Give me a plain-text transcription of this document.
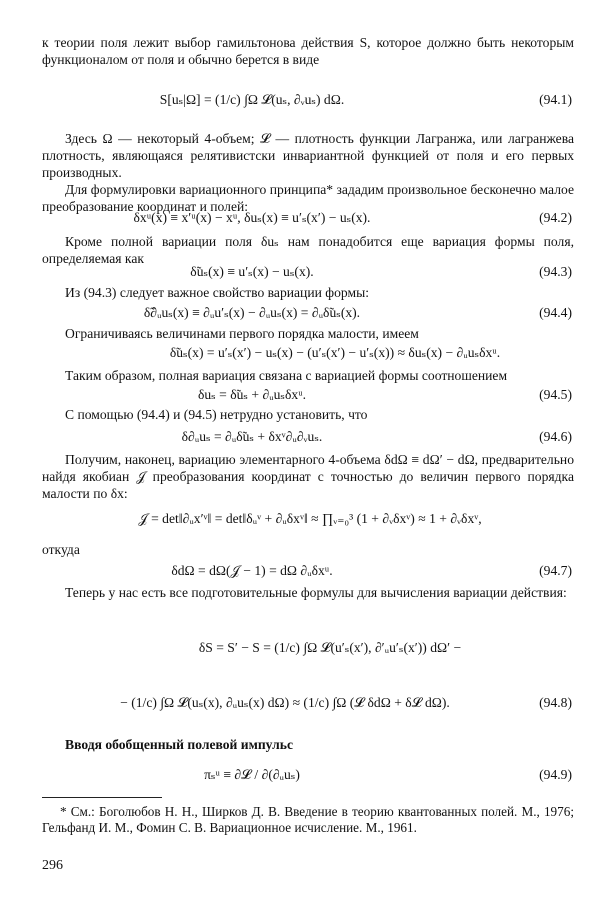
к теории поля лежит выбор гамильтонова действия S, которое должно быть некоторым функционалом от поля и обычно берется в виде

S[uₛ|Ω] = (1/c) ∫Ω 𝓛(uₛ, ∂ᵥuₛ) dΩ.	(94.1)

Здесь Ω — некоторый 4-объем; 𝓛 — плотность функции Лагранжа, или лагранжева плотность, являющаяся релятивистски инвариантной функцией от поля и его первых производных.

Для формулировки вариационного принципа* зададим произвольное бесконечно малое преобразование координат и полей:

δxᵘ(x) ≡ x′ᵘ(x) − xᵘ, δuₛ(x) ≡ u′ₛ(x′) − uₛ(x).	(94.2)

Кроме полной вариации поля δuₛ нам понадобится еще вариация формы поля, определяемая как

δ̃uₛ(x) ≡ u′ₛ(x) − uₛ(x).	(94.3)

Из (94.3) следует важное свойство вариации формы:

δ̃∂ᵤuₛ(x) ≡ ∂ᵤu′ₛ(x) − ∂ᵤuₛ(x) = ∂ᵤδ̃uₛ(x).	(94.4)

Ограничиваясь величинами первого порядка малости, имеем

δ̃uₛ(x) = u′ₛ(x′) − uₛ(x) − (u′ₛ(x′) − u′ₛ(x)) ≈ δuₛ(x) − ∂ᵤuₛδxᵘ.

Таким образом, полная вариация связана с вариацией формы соотношением

δuₛ = δ̃uₛ + ∂ᵤuₛδxᵘ.	(94.5)

С помощью (94.4) и (94.5) нетрудно установить, что

δ∂ᵤuₛ = ∂ᵤδ̃uₛ + δxᵛ∂ᵤ∂ᵥuₛ.	(94.6)

Получим, наконец, вариацию элементарного 4-объема δdΩ ≡ dΩ′ − dΩ, предварительно найдя якобиан 𝒥 преобразования координат с точностью до величин первого порядка малости по δx:

𝒥 = det‖∂ᵤx′ᵛ‖ = det‖δᵤᵛ + ∂ᵤδxᵛ‖ ≈ ∏ᵥ₌₀³ (1 + ∂ᵥδxᵛ) ≈ 1 + ∂ᵥδxᵛ,

откуда

δdΩ = dΩ(𝒥 − 1) = dΩ ∂ᵤδxᵘ.	(94.7)

Теперь у нас есть все подготовительные формулы для вычисления вариации действия:

δS = S′ − S = (1/c) ∫Ω 𝓛(u′ₛ(x′), ∂′ᵤu′ₛ(x′)) dΩ′ −
− (1/c) ∫Ω 𝓛(uₛ(x), ∂ᵤuₛ(x) dΩ) ≈ (1/c) ∫Ω (𝓛 δdΩ + δ𝓛 dΩ).	(94.8)

Вводя обобщенный полевой импульс

πₛᵘ ≡ ∂𝓛 / ∂(∂ᵤuₛ)	(94.9)

* См.: Боголюбов Н. Н., Ширков Д. В. Введение в теорию квантованных полей. М., 1976; Гельфанд И. М., Фомин С. В. Вариационное исчисление. М., 1961.

296
